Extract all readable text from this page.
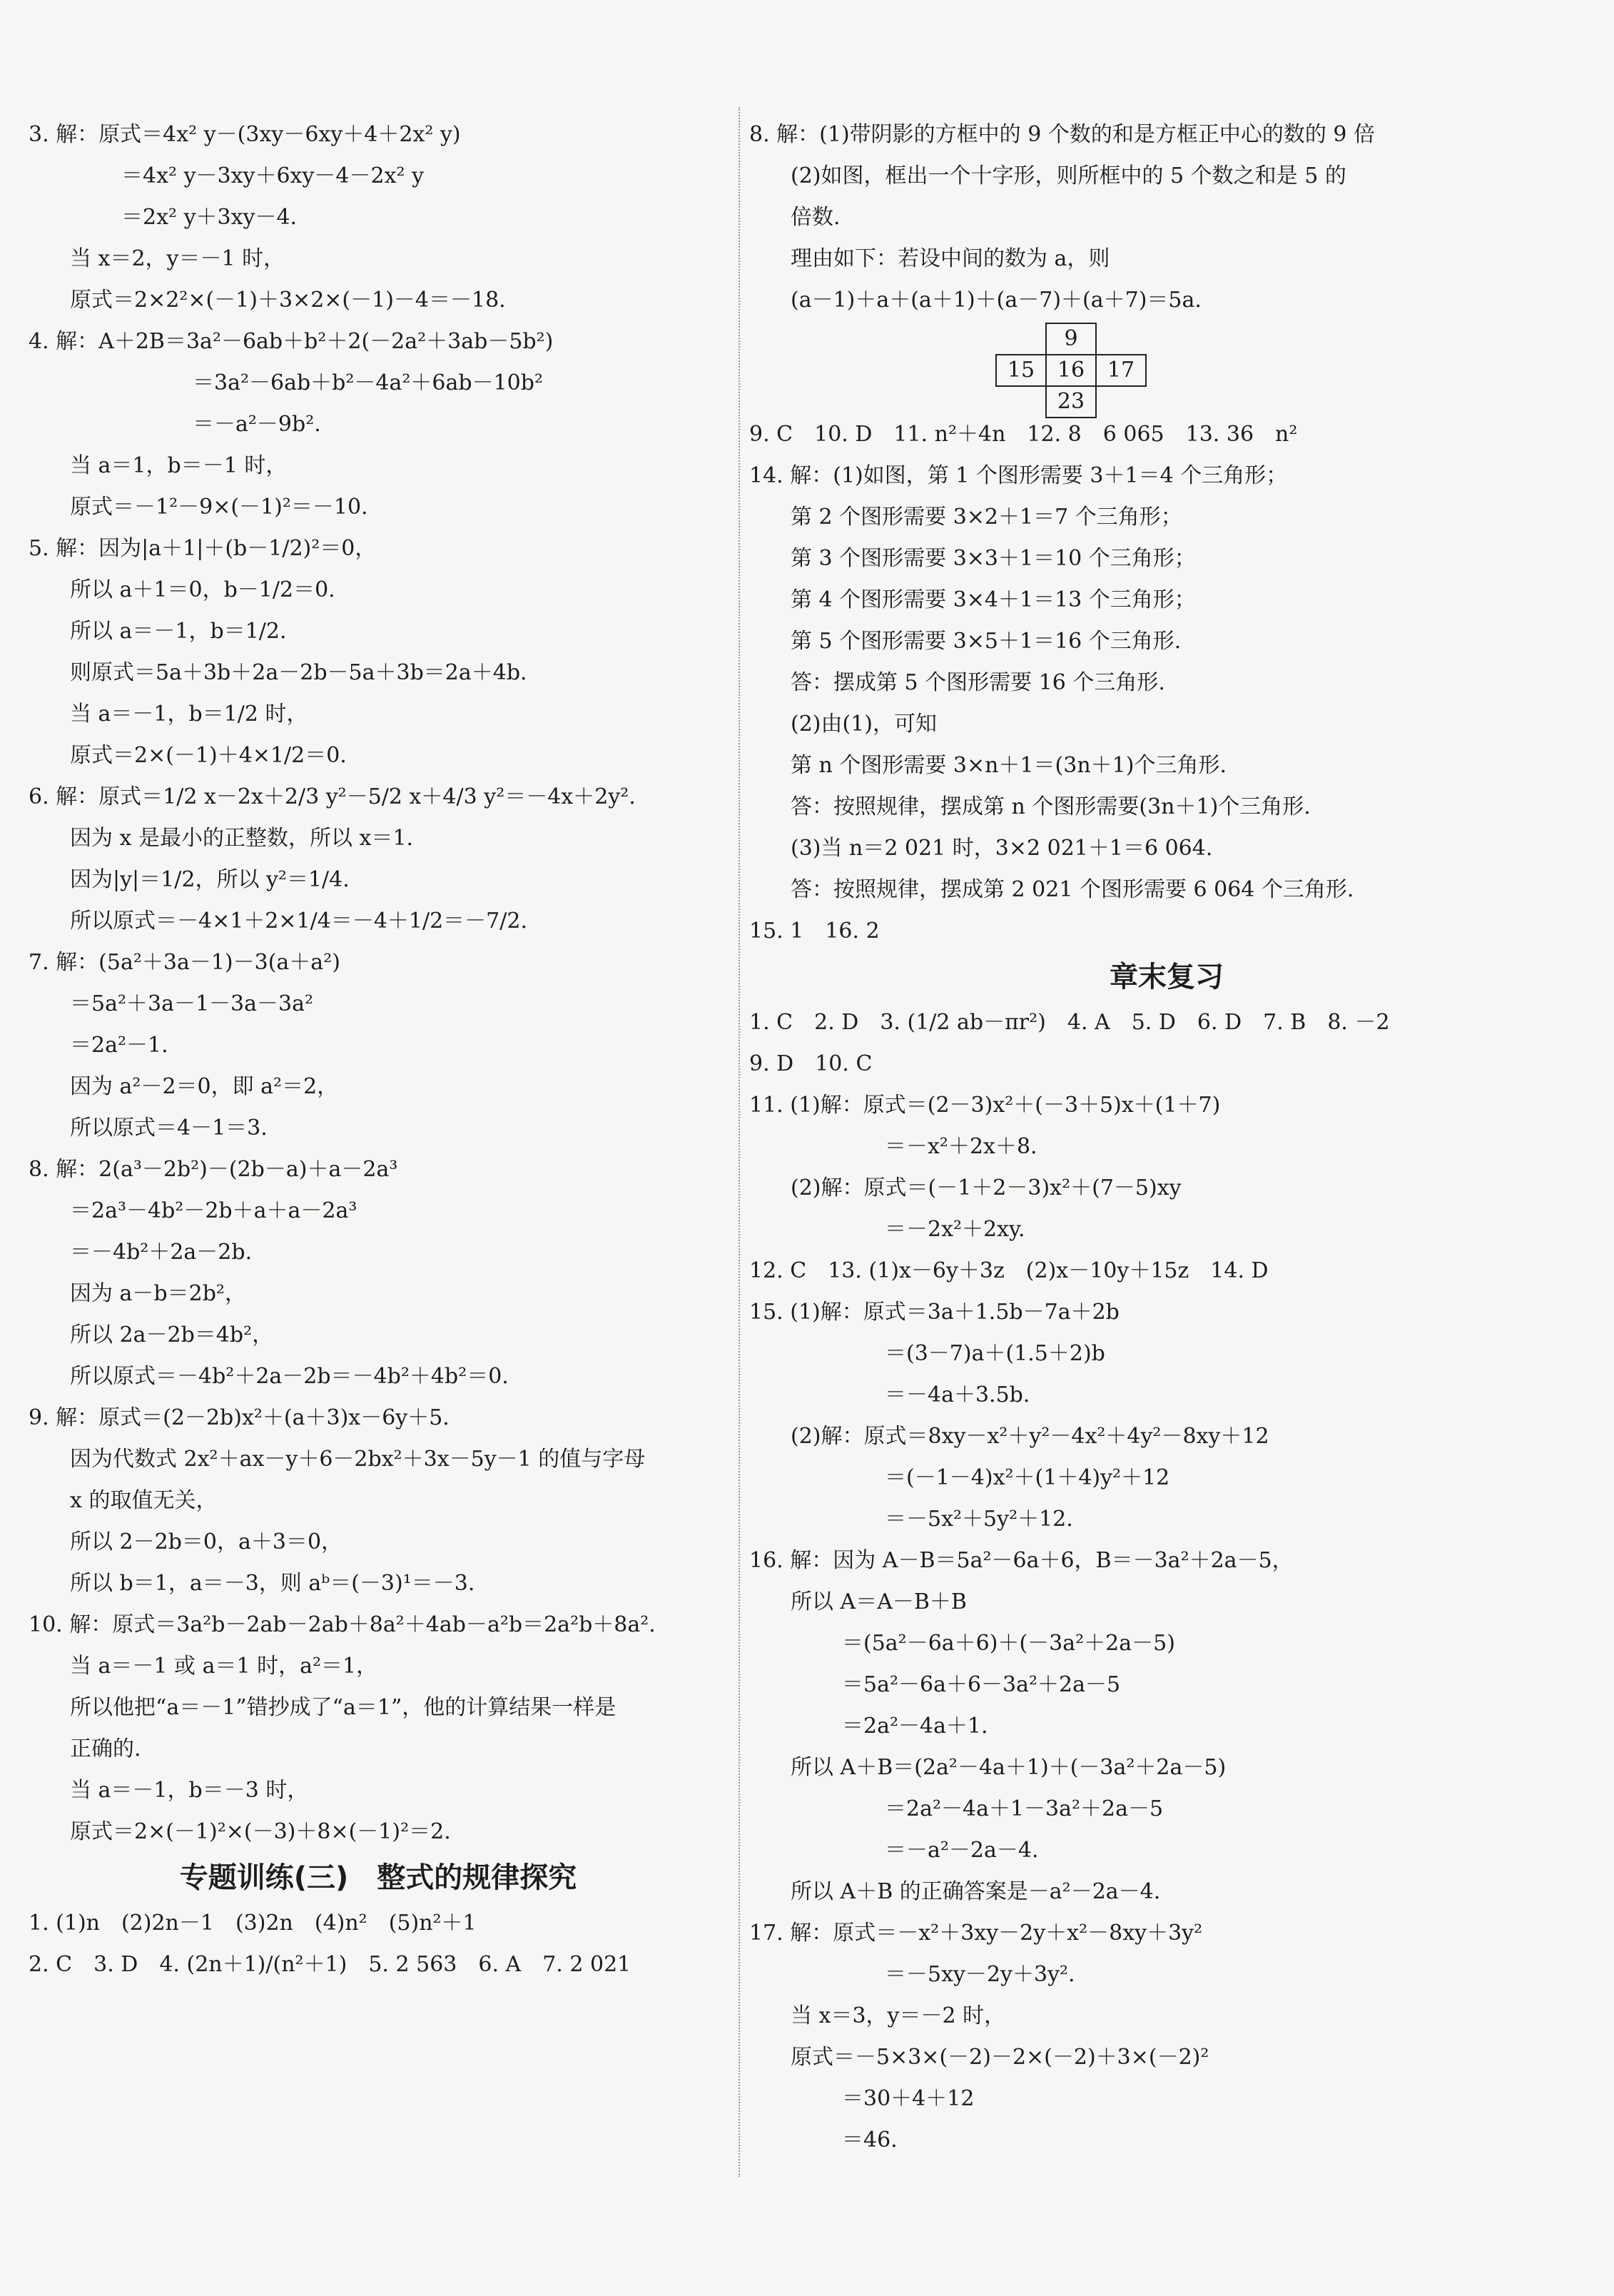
3. 解：原式＝4x² y－(3xy－6xy＋4＋2x² y)
＝4x² y－3xy＋6xy－4－2x² y
＝2x² y＋3xy－4.
当 x＝2，y＝－1 时，
原式＝2×2²×(－1)＋3×2×(－1)－4＝－18.
4. 解：A＋2B＝3a²－6ab＋b²＋2(－2a²＋3ab－5b²)
＝3a²－6ab＋b²－4a²＋6ab－10b²
＝－a²－9b².
当 a＝1，b＝－1 时，
原式＝－1²－9×(－1)²＝－10.
5. 解：因为|a＋1|＋(b－1/2)²＝0，
所以 a＋1＝0，b－1/2＝0.
所以 a＝－1，b＝1/2.
则原式＝5a＋3b＋2a－2b－5a＋3b＝2a＋4b.
当 a＝－1，b＝1/2 时，
原式＝2×(－1)＋4×1/2＝0.
6. 解：原式＝1/2 x－2x＋2/3 y²－5/2 x＋4/3 y²＝－4x＋2y².
因为 x 是最小的正整数，所以 x＝1.
因为|y|＝1/2，所以 y²＝1/4.
所以原式＝－4×1＋2×1/4＝－4＋1/2＝－7/2.
7. 解：(5a²＋3a－1)－3(a＋a²)
＝5a²＋3a－1－3a－3a²
＝2a²－1.
因为 a²－2＝0，即 a²＝2，
所以原式＝4－1＝3.
8. 解：2(a³－2b²)－(2b－a)＋a－2a³
＝2a³－4b²－2b＋a＋a－2a³
＝－4b²＋2a－2b.
因为 a－b＝2b²，
所以 2a－2b＝4b²，
所以原式＝－4b²＋2a－2b＝－4b²＋4b²＝0.
9. 解：原式＝(2－2b)x²＋(a＋3)x－6y＋5.
因为代数式 2x²＋ax－y＋6－2bx²＋3x－5y－1 的值与字母
x 的取值无关，
所以 2－2b＝0，a＋3＝0，
所以 b＝1，a＝－3，则 aᵇ＝(－3)¹＝－3.
10. 解：原式＝3a²b－2ab－2ab＋8a²＋4ab－a²b＝2a²b＋8a².
当 a＝－1 或 a＝1 时，a²＝1，
所以他把“a＝－1”错抄成了“a＝1”，他的计算结果一样是
正确的.
当 a＝－1，b＝－3 时，
原式＝2×(－1)²×(－3)＋8×(－1)²＝2.
专题训练(三)　整式的规律探究
1. (1)n　(2)2n－1　(3)2n　(4)n²　(5)n²＋1
2. C　3. D　4. (2n＋1)/(n²＋1)　5. 2 563　6. A　7. 2 021
8. 解：(1)带阴影的方框中的 9 个数的和是方框正中心的数的 9 倍
(2)如图，框出一个十字形，则所框中的 5 个数之和是 5 的
倍数.
理由如下：若设中间的数为 a，则
(a－1)＋a＋(a＋1)＋(a－7)＋(a＋7)＝5a.
9
15	16	17
23
9. C　10. D　11. n²＋4n　12. 8　6 065　13. 36　n²
14. 解：(1)如图，第 1 个图形需要 3＋1＝4 个三角形；
第 2 个图形需要 3×2＋1＝7 个三角形；
第 3 个图形需要 3×3＋1＝10 个三角形；
第 4 个图形需要 3×4＋1＝13 个三角形；
第 5 个图形需要 3×5＋1＝16 个三角形.
答：摆成第 5 个图形需要 16 个三角形.
(2)由(1)，可知
第 n 个图形需要 3×n＋1＝(3n＋1)个三角形.
答：按照规律，摆成第 n 个图形需要(3n＋1)个三角形.
(3)当 n＝2 021 时，3×2 021＋1＝6 064.
答：按照规律，摆成第 2 021 个图形需要 6 064 个三角形.
15. 1　16. 2
章末复习
1. C　2. D　3. (1/2 ab－πr²)　4. A　5. D　6. D　7. B　8. －2
9. D　10. C
11. (1)解：原式＝(2－3)x²＋(－3＋5)x＋(1＋7)
＝－x²＋2x＋8.
(2)解：原式＝(－1＋2－3)x²＋(7－5)xy
＝－2x²＋2xy.
12. C　13. (1)x－6y＋3z　(2)x－10y＋15z　14. D
15. (1)解：原式＝3a＋1.5b－7a＋2b
＝(3－7)a＋(1.5＋2)b
＝－4a＋3.5b.
(2)解：原式＝8xy－x²＋y²－4x²＋4y²－8xy＋12
＝(－1－4)x²＋(1＋4)y²＋12
＝－5x²＋5y²＋12.
16. 解：因为 A－B＝5a²－6a＋6，B＝－3a²＋2a－5，
所以 A＝A－B＋B
＝(5a²－6a＋6)＋(－3a²＋2a－5)
＝5a²－6a＋6－3a²＋2a－5
＝2a²－4a＋1.
所以 A＋B＝(2a²－4a＋1)＋(－3a²＋2a－5)
＝2a²－4a＋1－3a²＋2a－5
＝－a²－2a－4.
所以 A＋B 的正确答案是－a²－2a－4.
17. 解：原式＝－x²＋3xy－2y＋x²－8xy＋3y²
＝－5xy－2y＋3y².
当 x＝3，y＝－2 时，
原式＝－5×3×(－2)－2×(－2)＋3×(－2)²
＝30＋4＋12
＝46.
